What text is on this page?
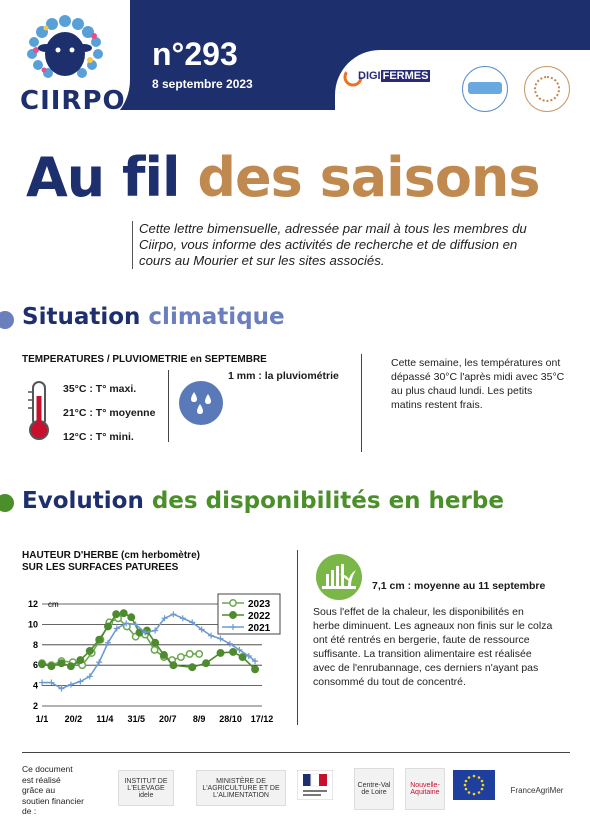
CIIRPO
n°293
8 septembre 2023
DIGI FERMES
Au fil des saisons
Cette lettre bimensuelle, adressée par mail à tous les membres du Ciirpo, vous informe des activités de recherche et de diffusion en cours au Mourier et sur les sites associés.
Situation climatique
TEMPERATURES / PLUVIOMETRIE en SEPTEMBRE
35°C : T° maxi.
21°C : T° moyenne
12°C : T° mini.
1 mm : la pluviométrie
Cette semaine, les températures ont dépassé 30°C l'après midi avec 35°C au plus chaud lundi. Les petits matins restent frais.
Evolution des disponibilités en herbe
HAUTEUR D'HERBE (cm herbomètre)
SUR LES SURFACES PATUREES
2
4
6
8
10
12 cm
1/1 20/2 11/4 31/5 20/7 8/9 28/10 17/12
2023
2022
2021
7,1 cm : moyenne au 11 septembre
Sous l'effet de la chaleur, les disponibilités en herbe diminuent. Les agneaux non finis sur le colza ont été rentrés en bergerie, faute de ressource suffisante. La transition alimentaire est réalisée avec de l'enrubannage, ces derniers n'ayant pas consommé du tout de concentré.
Ce document est réalisé grâce au soutien financier de :
INSTITUT DE L'ELEVAGE idele
MINISTÈRE DE L'AGRICULTURE ET DE L'ALIMENTATION
Centre-Val de Loire
Nouvelle-Aquitaine	FranceAgriMer
